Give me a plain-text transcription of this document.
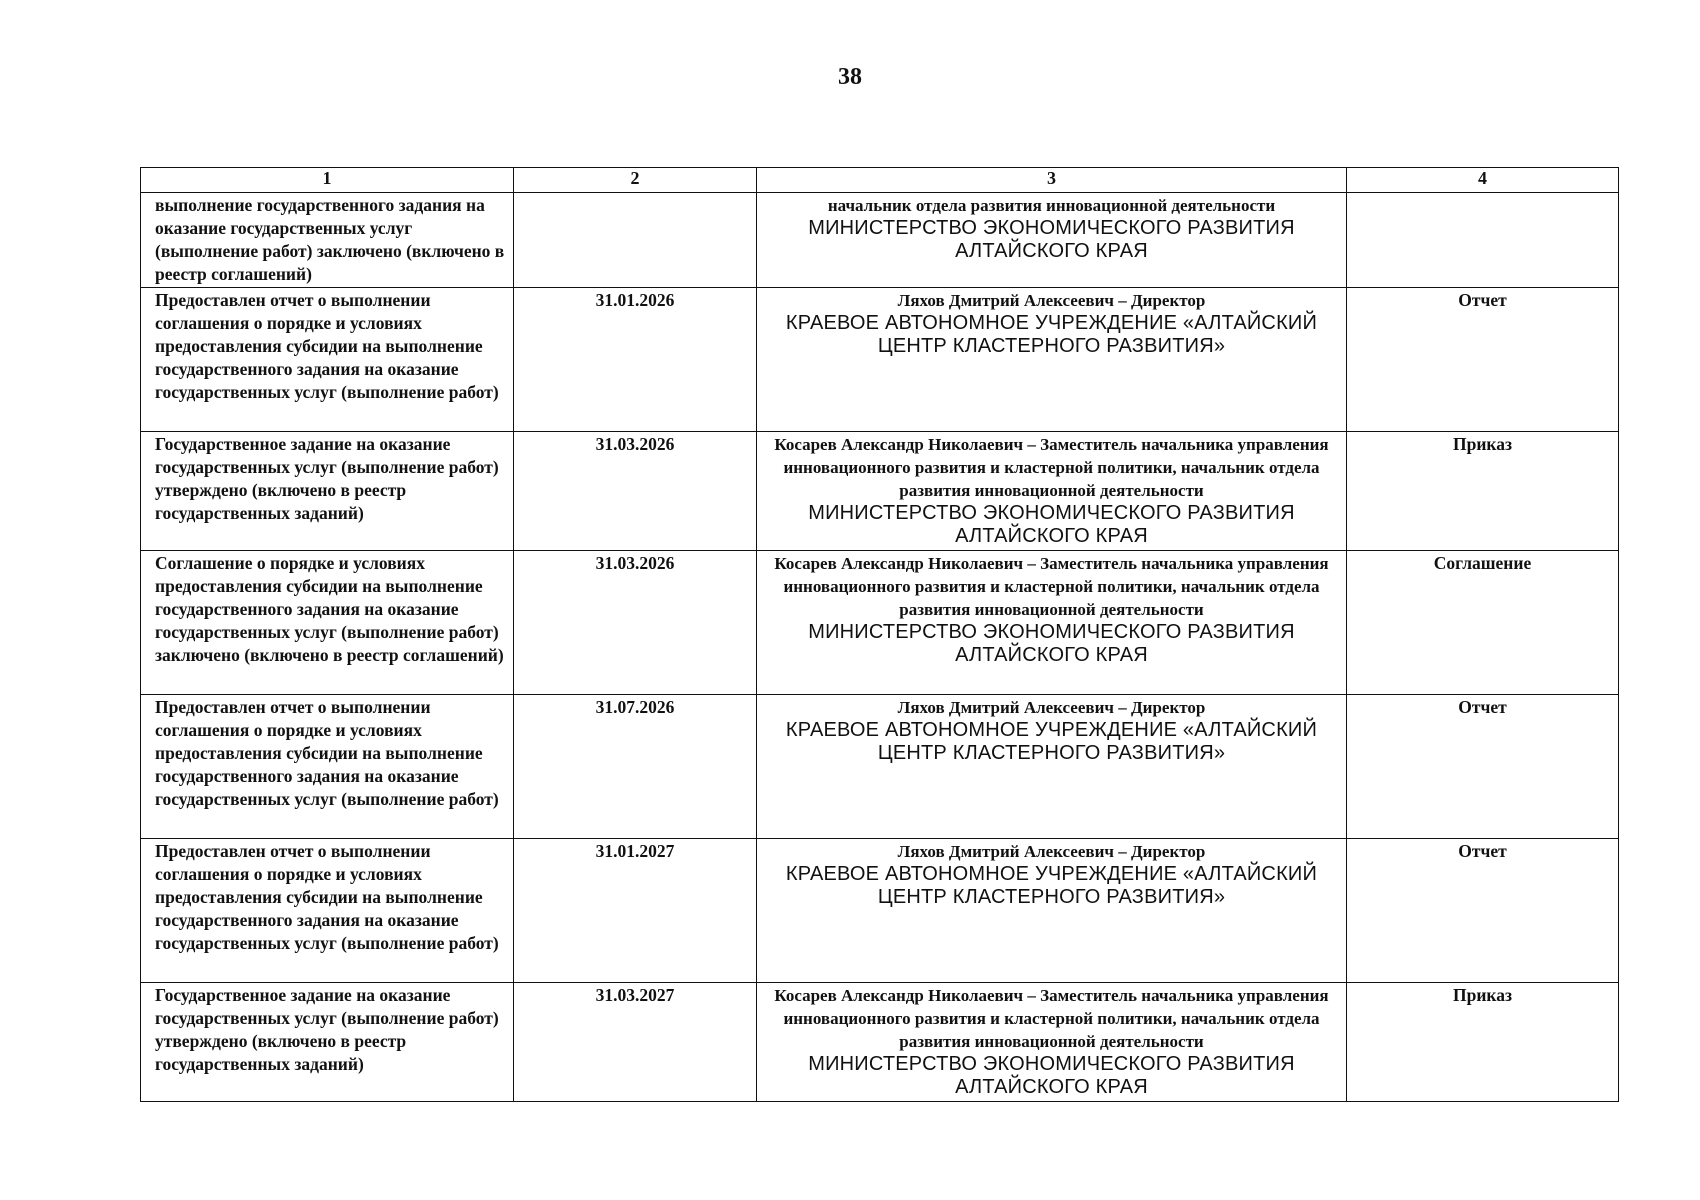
38
1	2	3	4
выполнение государственного задания на оказание государственных услуг (выполнение работ) заключено (включено в реестр соглашений)		начальник отдела развития инновационной деятельности
МИНИСТЕРСТВО ЭКОНОМИЧЕСКОГО РАЗВИТИЯ АЛТАЙСКОГО КРАЯ	

Предоставлен отчет о выполнении соглашения о порядке и условиях предоставления субсидии на выполнение государственного задания на оказание государственных услуг (выполнение работ)	31.01.2026	Ляхов Дмитрий Алексеевич – Директор
КРАЕВОЕ АВТОНОМНОЕ УЧРЕЖДЕНИЕ «АЛТАЙСКИЙ ЦЕНТР КЛАСТЕРНОГО РАЗВИТИЯ»	Отчет
Государственное задание на оказание государственных услуг (выполнение работ) утверждено (включено в реестр государственных заданий)	31.03.2026	Косарев Александр Николаевич – Заместитель начальника управления инновационного развития и кластерной политики, начальник отдела развития инновационной деятельности
МИНИСТЕРСТВО ЭКОНОМИЧЕСКОГО РАЗВИТИЯ АЛТАЙСКОГО КРАЯ	Приказ
Соглашение о порядке и условиях предоставления субсидии на выполнение государственного задания на оказание государственных услуг (выполнение работ) заключено (включено в реестр соглашений)	31.03.2026	Косарев Александр Николаевич – Заместитель начальника управления инновационного развития и кластерной политики, начальник отдела развития инновационной деятельности
МИНИСТЕРСТВО ЭКОНОМИЧЕСКОГО РАЗВИТИЯ АЛТАЙСКОГО КРАЯ	Соглашение
Предоставлен отчет о выполнении соглашения о порядке и условиях предоставления субсидии на выполнение государственного задания на оказание государственных услуг (выполнение работ)	31.07.2026	Ляхов Дмитрий Алексеевич – Директор
КРАЕВОЕ АВТОНОМНОЕ УЧРЕЖДЕНИЕ «АЛТАЙСКИЙ ЦЕНТР КЛАСТЕРНОГО РАЗВИТИЯ»	Отчет
Предоставлен отчет о выполнении соглашения о порядке и условиях предоставления субсидии на выполнение государственного задания на оказание государственных услуг (выполнение работ)	31.01.2027	Ляхов Дмитрий Алексеевич – Директор
КРАЕВОЕ АВТОНОМНОЕ УЧРЕЖДЕНИЕ «АЛТАЙСКИЙ ЦЕНТР КЛАСТЕРНОГО РАЗВИТИЯ»	Отчет
Государственное задание на оказание государственных услуг (выполнение работ) утверждено (включено в реестр государственных заданий)	31.03.2027	Косарев Александр Николаевич – Заместитель начальника управления инновационного развития и кластерной политики, начальник отдела развития инновационной деятельности
МИНИСТЕРСТВО ЭКОНОМИЧЕСКОГО РАЗВИТИЯ АЛТАЙСКОГО КРАЯ	Приказ
